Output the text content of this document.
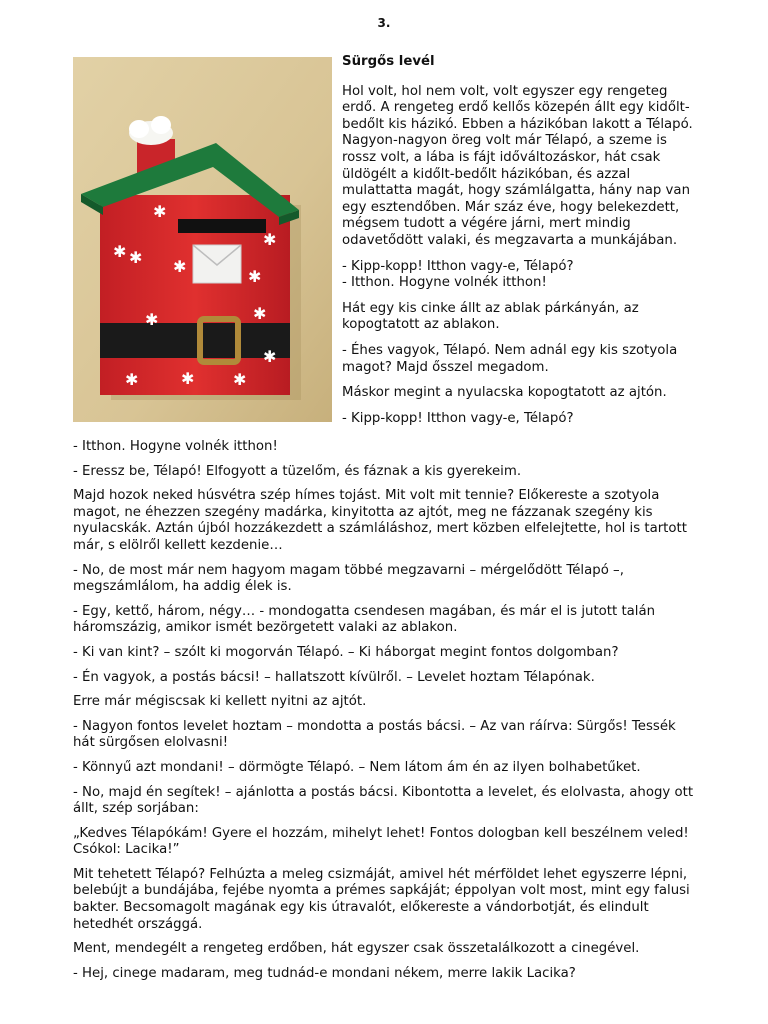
3.
✱
✱ ✱ ✱
✱
✱
✱	✱
✱
✱	✱ ✱
Sürgős levél

Hol volt, hol nem volt, volt egyszer egy rengeteg erdő. A rengeteg erdő kellős közepén állt egy kidőlt-bedőlt kis házikó. Ebben a házikóban lakott a Télapó.

Nagyon-nagyon öreg volt már Télapó, a szeme is rossz volt, a lába is fájt időváltozáskor, hát csak üldögélt a kidőlt-bedőlt házikóban, és azzal mulattatta magát, hogy számlálgatta, hány nap van egy esztendőben. Már száz éve, hogy belekezdett, mégsem tudott a végére járni, mert mindig odavetődött valaki, és megzavarta a munkájában.

- Kipp-kopp! Itthon vagy-e, Télapó?
- Itthon. Hogyne volnék itthon!

Hát egy kis cinke állt az ablak párkányán, az kopogtatott az ablakon.

- Éhes vagyok, Télapó. Nem adnál egy kis szotyola magot? Majd ősszel megadom.

Máskor megint a nyulacska kopogtatott az ajtón.

- Kipp-kopp! Itthon vagy-e, Télapó?

- Itthon. Hogyne volnék itthon!

- Eressz be, Télapó! Elfogyott a tüzelőm, és fáznak a kis gyerekeim.

Majd hozok neked húsvétra szép hímes tojást. Mit volt mit tennie? Előkereste a szotyola magot, ne éhezzen szegény madárka, kinyitotta az ajtót, meg ne fázzanak szegény kis nyulacskák. Aztán újból hozzákezdett a számláláshoz, mert közben elfelejtette, hol is tartott már, s elölről kellett kezdenie…

- No, de most már nem hagyom magam többé megzavarni – mérgelődött Télapó –, megszámlálom, ha addig élek is.

- Egy, kettő, három, négy… - mondogatta csendesen magában, és már el is jutott talán háromszázig, amikor ismét bezörgetett valaki az ablakon.

- Ki van kint? – szólt ki mogorván Télapó. – Ki háborgat megint fontos dolgomban?

- Én vagyok, a postás bácsi! – hallatszott kívülről. – Levelet hoztam Télapónak.

Erre már mégiscsak ki kellett nyitni az ajtót.

- Nagyon fontos levelet hoztam – mondotta a postás bácsi. – Az van ráírva: Sürgős! Tessék hát sürgősen elolvasni!

- Könnyű azt mondani! – dörmögte Télapó. – Nem látom ám én az ilyen bolhabetűket.

- No, majd én segítek! – ajánlotta a postás bácsi. Kibontotta a levelet, és elolvasta, ahogy ott állt, szép sorjában:

„Kedves Télapókám! Gyere el hozzám, mihelyt lehet! Fontos dologban kell beszélnem veled! Csókol: Lacika!”

Mit tehetett Télapó? Felhúzta a meleg csizmáját, amivel hét mérföldet lehet egyszerre lépni, belebújt a bundájába, fejébe nyomta a prémes sapkáját; éppolyan volt most, mint egy falusi bakter. Becsomagolt magának egy kis útravalót, előkereste a vándorbotját, és elindult hetedhét országgá.

Ment, mendegélt a rengeteg erdőben, hát egyszer csak összetalálkozott a cinegével.

- Hej, cinege madaram, meg tudnád-e mondani nékem, merre lakik Lacika?
